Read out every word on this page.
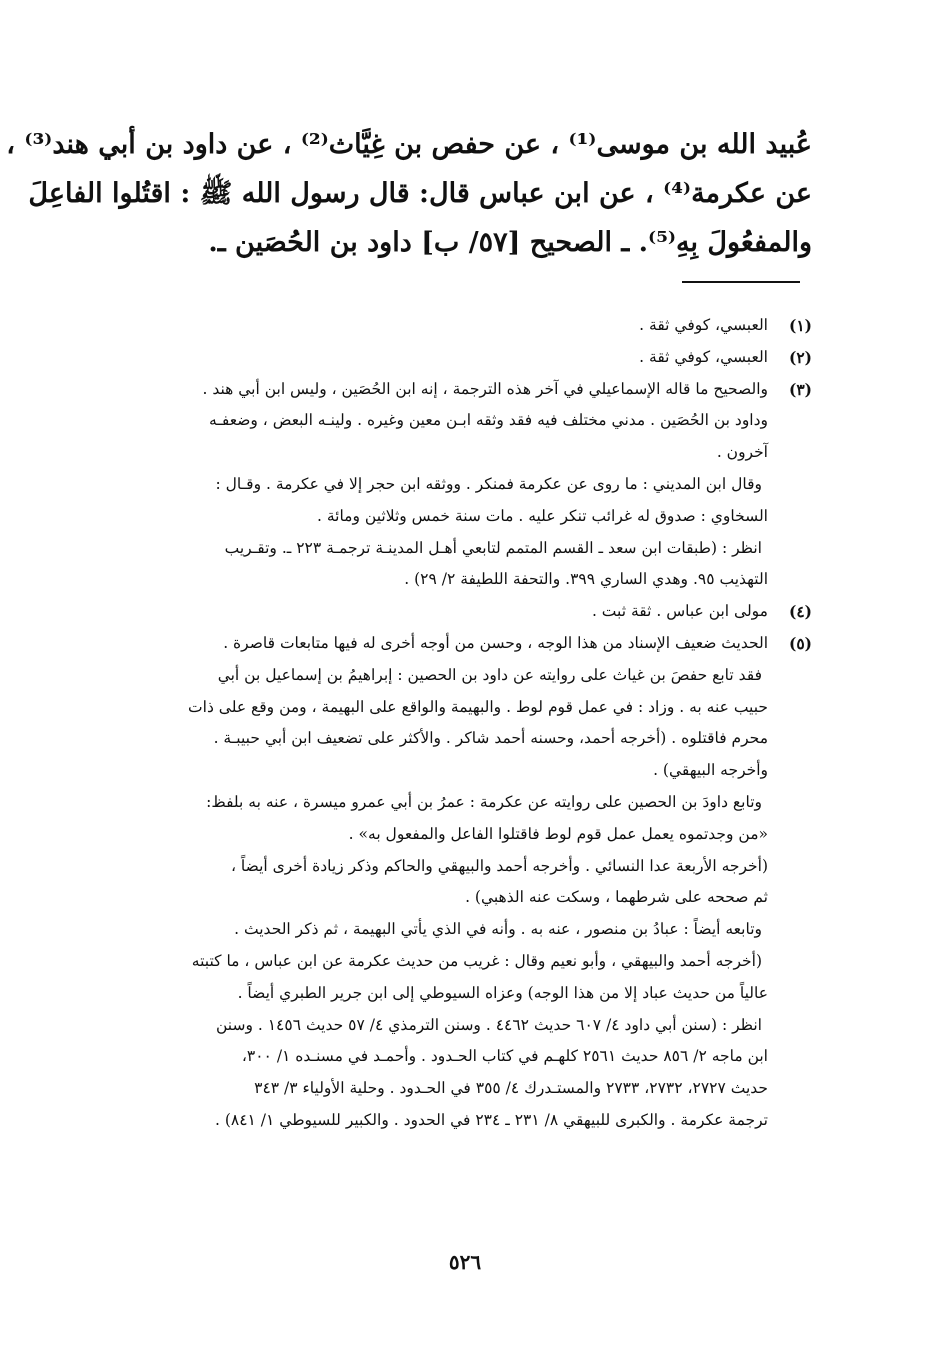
عُبيد الله بن موسى⁽¹⁾ ، عن حفص بن غِيَّاث⁽²⁾ ، عن داود بن أبي هند⁽³⁾ ،
عن عكرمة⁽⁴⁾ ، عن ابن عباس قال: قال رسول الله ﷺ : اقتُلوا الفاعِلَ
والمفعُولَ بِهِ⁽⁵⁾. ـ الصحيح [٥٧/ ب] داود بن الحُصَين ـ.
(١)
العبسي، كوفي ثقة .
(٢)
العبسي، كوفي ثقة .
(٣)
والصحيح ما قاله الإسماعيلي في آخر هذه الترجمة ، إنه ابن الحُصَين ، وليس ابن أبي هند .
وداود بن الحُصَين . مدني مختلف فيه فقد وثقه ابـن معين وغيره . ولينـه البعض ، وضعفـه
آخرون .
وقال ابن المديني : ما روى عن عكرمة فمنكر . ووثقه ابن حجر إلا في عكرمة . وقـال :
السخاوي : صدوق له غرائب تنكر عليه . مات سنة خمس وثلاثين ومائة .
انظر : (طبقات ابن سعد ـ القسم المتمم لتابعي أهـل المدينـة ترجمـة ٢٢٣ ـ. وتقـريب
التهذيب ٩٥. وهدي الساري ٣٩٩. والتحفة اللطيفة ٢/ ٢٩) .
(٤)
مولى ابن عباس . ثقة ثبت .
(٥)
الحديث ضعيف الإسناد من هذا الوجه ، وحسن من أوجه أخرى له فيها متابعات قاصرة .
فقد تابع حفصَ بن غياث على روايته عن داود بن الحصين : إبراهيمُ بن إسماعيل بن أبي
حبيب عنه به . وزاد : في عمل قوم لوط . والبهيمة والواقع على البهيمة ، ومن وقع على ذات
محرم فاقتلوه . (أخرجه أحمد، وحسنه أحمد شاكر . والأكثر على تضعيف ابن أبي حبيبـة .
وأخرجه البيهقي) .
وتابع داودَ بن الحصين على روايته عن عكرمة : عمرُ بن أبي عمرو ميسرة ، عنه به بلفظ:
«من وجدتموه يعمل عمل قوم لوط فاقتلوا الفاعل والمفعول به» .
(أخرجه الأربعة عدا النسائي . وأخرجه أحمد والبيهقي والحاكم وذكر زيادة أخرى أيضاً ،
ثم صححه على شرطهما ، وسكت عنه الذهبي) .
وتابعه أيضاً : عبادُ بن منصور ، عنه به . وأنه في الذي يأتي البهيمة ، ثم ذكر الحديث .
(أخرجه أحمد والبيهقي ، وأبو نعيم وقال : غريب من حديث عكرمة عن ابن عباس ، ما كتبته
عالياً من حديث عباد إلا من هذا الوجه) وعزاه السيوطي إلى ابن جرير الطبري أيضاً .
انظر : (سنن أبي داود ٤/ ٦٠٧ حديث ٤٤٦٢ . وسنن الترمذي ٤/ ٥٧ حديث ١٤٥٦ . وسنن
ابن ماجه ٢/ ٨٥٦ حديث ٢٥٦١ كلهـم في كتاب الحـدود . وأحمـد في مسنـده ١/ ٣٠٠،
حديث ٢٧٢٧، ٢٧٣٢، ٢٧٣٣ والمستـدرك ٤/ ٣٥٥ في الحـدود . وحلية الأولياء ٣/ ٣٤٣
ترجمة عكرمة . والكبرى للبيهقي ٨/ ٢٣١ ـ ٢٣٤ في الحدود . والكبير للسيوطي ١/ ٨٤١) .
٥٢٦
